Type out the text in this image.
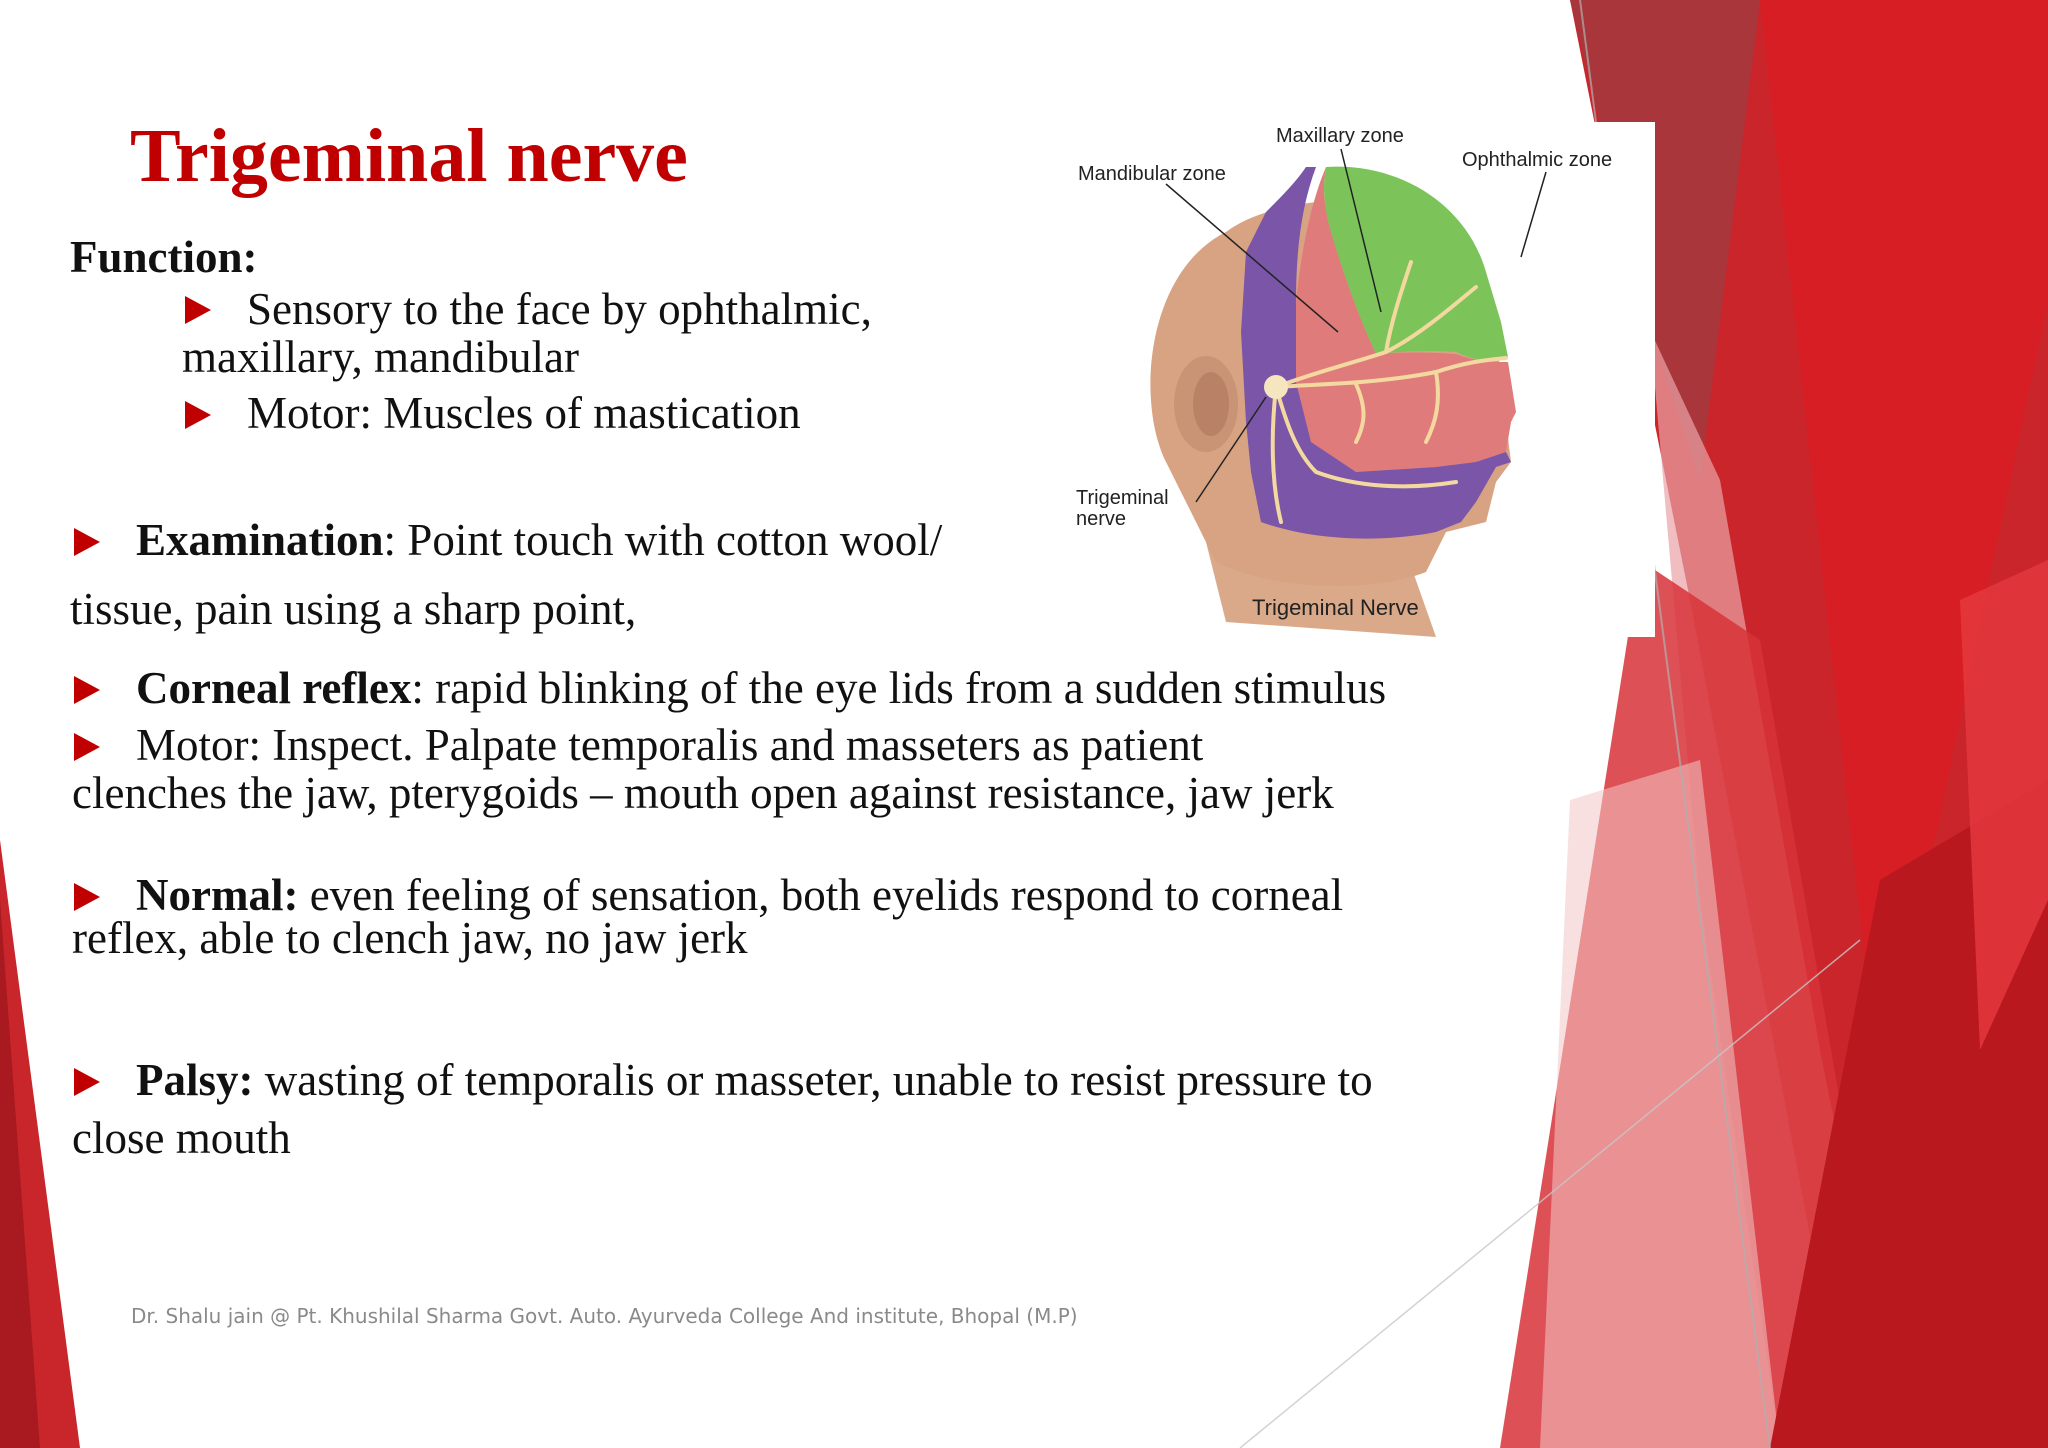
Trigeminal nerve
Function:
Sensory to the face by ophthalmic,
maxillary, mandibular
Motor: Muscles of mastication
Examination: Point touch with cotton wool/
tissue, pain using a sharp point,
Corneal reflex: rapid blinking of the eye lids from a sudden stimulus
Motor: Inspect. Palpate temporalis and masseters as patient
clenches the jaw, pterygoids – mouth open against resistance, jaw jerk
Normal: even feeling of sensation, both eyelids respond to corneal
reflex, able to clench jaw, no jaw jerk
Palsy: wasting of temporalis or masseter, unable to resist pressure to
close mouth
Maxillary zone
Ophthalmic zone
Mandibular zone
Trigeminal
nerve
Trigeminal Nerve
Dr. Shalu jain @ Pt. Khushilal Sharma Govt. Auto. Ayurveda College And institute, Bhopal (M.P)
